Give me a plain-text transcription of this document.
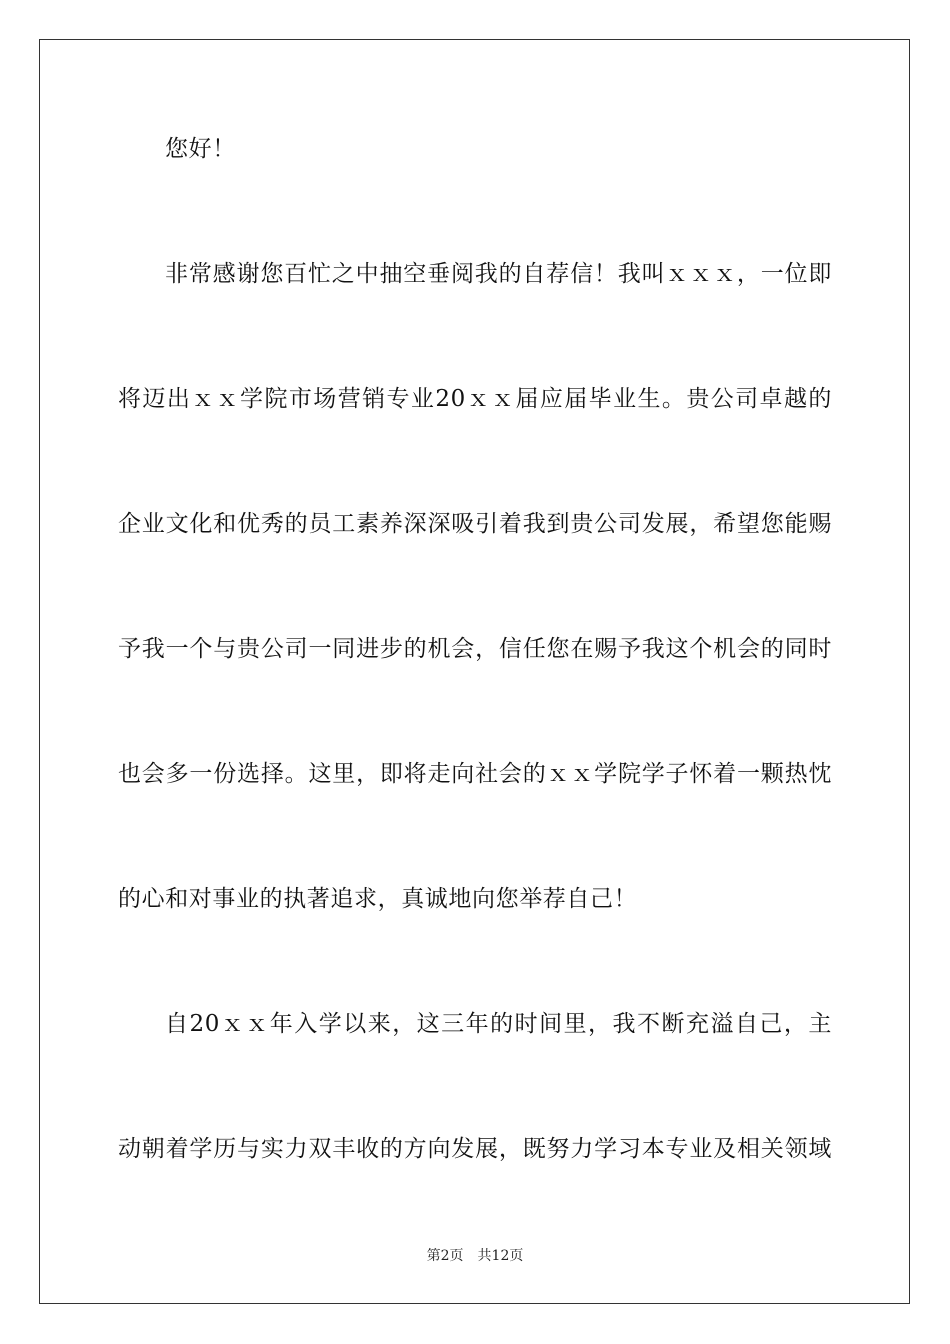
您好！
非常感谢您百忙之中抽空垂阅我的自荐信！我叫ｘｘｘ，一位即
将迈出ｘｘ学院市场营销专业20ｘｘ届应届毕业生。贵公司卓越的
企业文化和优秀的员工素养深深吸引着我到贵公司发展，希望您能赐
予我一个与贵公司一同进步的机会，信任您在赐予我这个机会的同时
也会多一份选择。这里，即将走向社会的ｘｘ学院学子怀着一颗热忱
的心和对事业的执著追求，真诚地向您举荐自己！
自20ｘｘ年入学以来，这三年的时间里，我不断充溢自己，主
动朝着学历与实力双丰收的方向发展，既努力学习本专业及相关领域
第2页 共12页
